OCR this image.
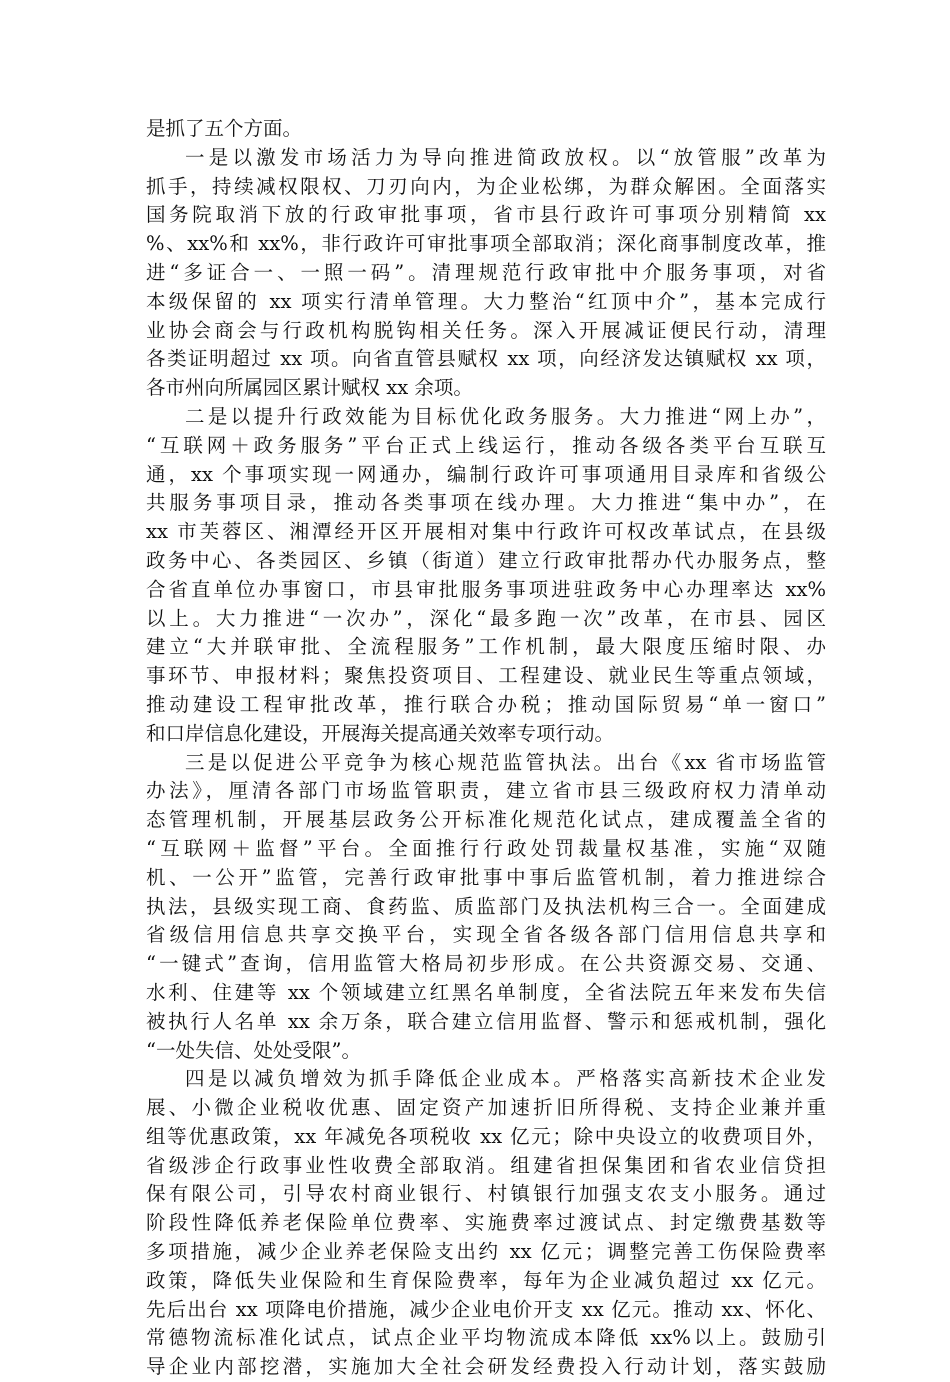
是抓了五个方面。
一是以激发市场活力为导向推进简政放权。以“放管服”改革为
抓手，持续减权限权、刀刃向内，为企业松绑，为群众解困。全面落实
国务院取消下放的行政审批事项，省市县行政许可事项分别精简 xx
%、xx%和 xx%，非行政许可审批事项全部取消；深化商事制度改革，推
进“多证合一、一照一码”。清理规范行政审批中介服务事项，对省
本级保留的 xx 项实行清单管理。大力整治“红顶中介”，基本完成行
业协会商会与行政机构脱钩相关任务。深入开展减证便民行动，清理
各类证明超过 xx 项。向省直管县赋权 xx 项，向经济发达镇赋权 xx 项，
各市州向所属园区累计赋权 xx 余项。
二是以提升行政效能为目标优化政务服务。大力推进“网上办”，
“互联网＋政务服务”平台正式上线运行，推动各级各类平台互联互
通，xx 个事项实现一网通办，编制行政许可事项通用目录库和省级公
共服务事项目录，推动各类事项在线办理。大力推进“集中办”，在
xx 市芙蓉区、湘潭经开区开展相对集中行政许可权改革试点，在县级
政务中心、各类园区、乡镇（街道）建立行政审批帮办代办服务点，整
合省直单位办事窗口，市县审批服务事项进驻政务中心办理率达 xx%
以上。大力推进“一次办”，深化“最多跑一次”改革，在市县、园区
建立“大并联审批、全流程服务”工作机制，最大限度压缩时限、办
事环节、申报材料；聚焦投资项目、工程建设、就业民生等重点领域，
推动建设工程审批改革，推行联合办税；推动国际贸易“单一窗口”
和口岸信息化建设，开展海关提高通关效率专项行动。
三是以促进公平竞争为核心规范监管执法。出台《xx 省市场监管
办法》，厘清各部门市场监管职责，建立省市县三级政府权力清单动
态管理机制，开展基层政务公开标准化规范化试点，建成覆盖全省的
“互联网＋监督”平台。全面推行行政处罚裁量权基准，实施“双随
机、一公开”监管，完善行政审批事中事后监管机制，着力推进综合
执法，县级实现工商、食药监、质监部门及执法机构三合一。全面建成
省级信用信息共享交换平台，实现全省各级各部门信用信息共享和
“一键式”查询，信用监管大格局初步形成。在公共资源交易、交通、
水利、住建等 xx 个领域建立红黑名单制度，全省法院五年来发布失信
被执行人名单 xx 余万条，联合建立信用监督、警示和惩戒机制，强化
“一处失信、处处受限”。
四是以减负增效为抓手降低企业成本。严格落实高新技术企业发
展、小微企业税收优惠、固定资产加速折旧所得税、支持企业兼并重
组等优惠政策，xx 年减免各项税收 xx 亿元；除中央设立的收费项目外，
省级涉企行政事业性收费全部取消。组建省担保集团和省农业信贷担
保有限公司，引导农村商业银行、村镇银行加强支农支小服务。通过
阶段性降低养老保险单位费率、实施费率过渡试点、封定缴费基数等
多项措施，减少企业养老保险支出约 xx 亿元；调整完善工伤保险费率
政策，降低失业保险和生育保险费率，每年为企业减负超过 xx 亿元。
先后出台 xx 项降电价措施，减少企业电价开支 xx 亿元。推动 xx、怀化、
常德物流标准化试点，试点企业平均物流成本降低 xx%以上。鼓励引
导企业内部挖潜，实施加大全社会研发经费投入行动计划，落实鼓励
